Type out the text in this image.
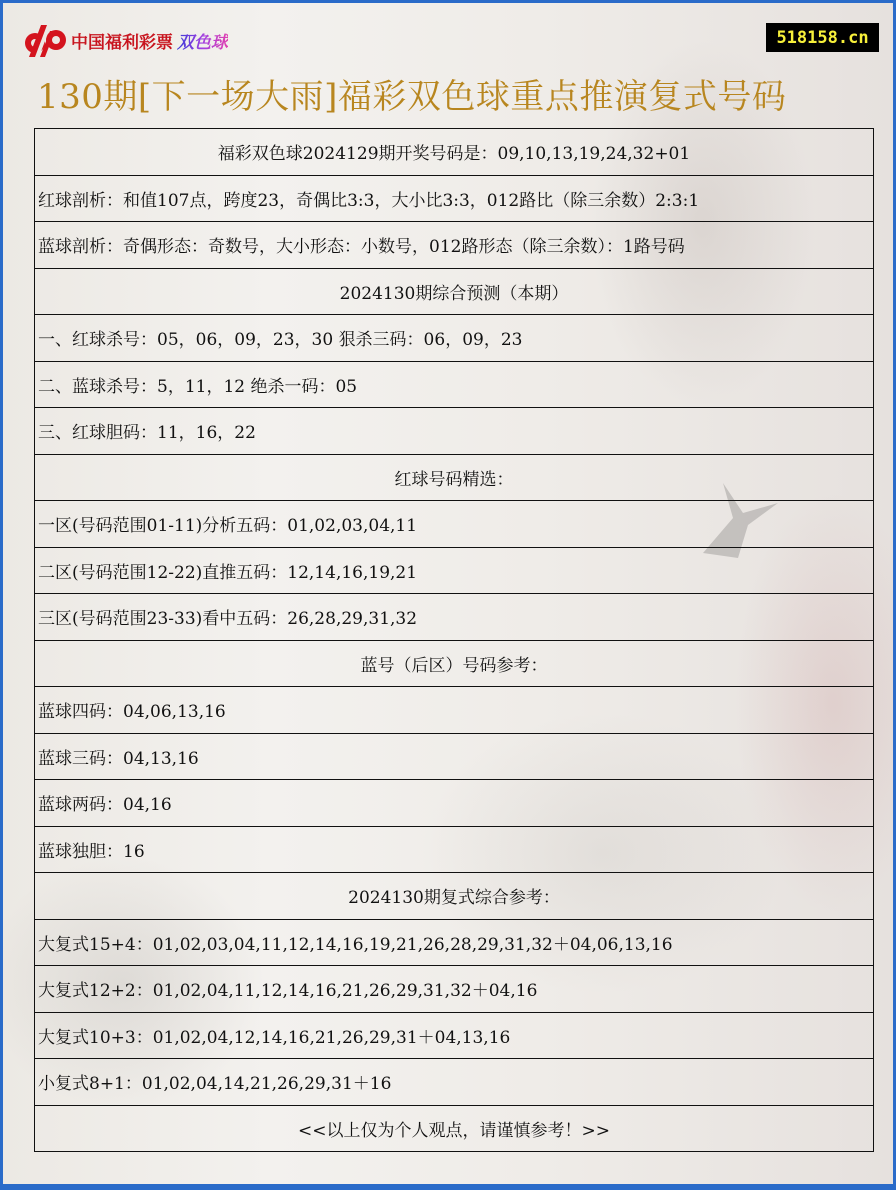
中国福利彩票 双色球	518158.cn
130期[下一场大雨]福彩双色球重点推演复式号码
福彩双色球2024129期开奖号码是：09,10,13,19,24,32+01
红球剖析：和值107点，跨度23，奇偶比3:3，大小比3:3，012路比（除三余数）2:3:1
蓝球剖析：奇偶形态：奇数号，大小形态：小数号，012路形态（除三余数）：1路号码
2024130期综合预测（本期）
一、红球杀号：05，06，09，23，30 狠杀三码：06，09，23
二、蓝球杀号：5，11，12 绝杀一码：05
三、红球胆码：11，16，22
红球号码精选：
一区(号码范围01-11)分析五码：01,02,03,04,11
二区(号码范围12-22)直推五码：12,14,16,19,21
三区(号码范围23-33)看中五码：26,28,29,31,32
蓝号（后区）号码参考：
蓝球四码：04,06,13,16
蓝球三码：04,13,16
蓝球两码：04,16
蓝球独胆：16
2024130期复式综合参考：
大复式15+4：01,02,03,04,11,12,14,16,19,21,26,28,29,31,32＋04,06,13,16
大复式12+2：01,02,04,11,12,14,16,21,26,29,31,32＋04,16
大复式10+3：01,02,04,12,14,16,21,26,29,31＋04,13,16
小复式8+1：01,02,04,14,21,26,29,31＋16
<<以上仅为个人观点，请谨慎参考！>>
